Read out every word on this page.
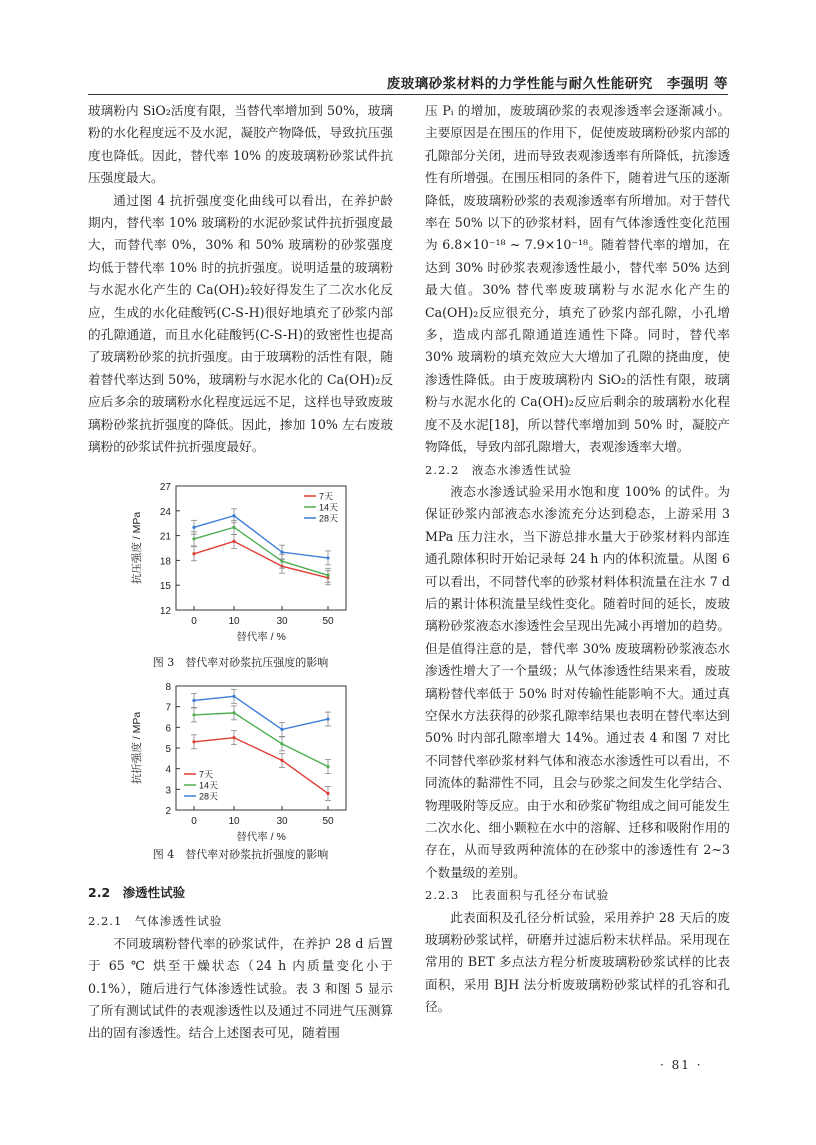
废玻璃砂浆材料的力学性能与耐久性能研究　李强明 等

玻璃粉内 SiO₂活度有限，当替代率增加到 50%，玻璃粉的水化程度远不及水泥，凝胶产物降低，导致抗压强度也降低。因此，替代率 10% 的废玻璃粉砂浆试件抗压强度最大。

通过图 4 抗折强度变化曲线可以看出，在养护龄期内，替代率 10% 玻璃粉的水泥砂浆试件抗折强度最大，而替代率 0%，30% 和 50% 玻璃粉的砂浆强度均低于替代率 10% 时的抗折强度。说明适量的玻璃粉与水泥水化产生的 Ca(OH)₂较好得发生了二次水化反应，生成的水化硅酸钙(C-S-H)很好地填充了砂浆内部的孔隙通道，而且水化硅酸钙(C-S-H)的致密性也提高了玻璃粉砂浆的抗折强度。由于玻璃粉的活性有限，随着替代率达到 50%，玻璃粉与水泥水化的 Ca(OH)₂反应后多余的玻璃粉水化程度远远不足，这样也导致废玻璃粉砂浆抗折强度的降低。因此，掺加 10% 左右废玻璃粉的砂浆试件抗折强度最好。

12
15
18
21
24
27
0	10	30	50
替代率 / %
抗压强度 / MPa
7天
14天
28天
图 3　替代率对砂浆抗压强度的影响
2
3
4
5
6
7
8
0	10	30	50
替代率 / %
抗折强度 / MPa	7天
14天
28天
图 4　替代率对砂浆抗折强度的影响

2.2　渗透性试验

2.2.1　气体渗透性试验

不同玻璃粉替代率的砂浆试件，在养护 28 d 后置于 65 ℃ 烘至干燥状态（24 h 内质量变化小于 0.1%），随后进行气体渗透性试验。表 3 和图 5 显示了所有测试试件的表观渗透性以及通过不同进气压测算出的固有渗透性。结合上述图表可见，随着围

压 Pᵢ 的增加，废玻璃砂浆的表观渗透率会逐渐减小。主要原因是在围压的作用下，促使废玻璃粉砂浆内部的孔隙部分关闭，进而导致表观渗透率有所降低，抗渗透性有所增强。在围压相同的条件下，随着进气压的逐渐降低，废玻璃粉砂浆的表观渗透率有所增加。对于替代率在 50% 以下的砂浆材料，固有气体渗透性变化范围为 6.8×10⁻¹⁸ ~ 7.9×10⁻¹⁸。随着替代率的增加，在达到 30% 时砂浆表观渗透性最小，替代率 50% 达到最大值。30% 替代率废玻璃粉与水泥水化产生的 Ca(OH)₂反应很充分，填充了砂浆内部孔隙，小孔增多，造成内部孔隙通道连通性下降。同时，替代率 30% 玻璃粉的填充效应大大增加了孔隙的挠曲度，使渗透性降低。由于废玻璃粉内 SiO₂的活性有限，玻璃粉与水泥水化的 Ca(OH)₂反应后剩余的玻璃粉水化程度不及水泥[18]，所以替代率增加到 50% 时，凝胶产物降低，导致内部孔隙增大，表观渗透率大增。

2.2.2　液态水渗透性试验

液态水渗透试验采用水饱和度 100% 的试件。为保证砂浆内部液态水渗流充分达到稳态，上游采用 3 MPa 压力注水，当下游总排水量大于砂浆材料内部连通孔隙体积时开始记录每 24 h 内的体积流量。从图 6 可以看出，不同替代率的砂浆材料体积流量在注水 7 d 后的累计体积流量呈线性变化。随着时间的延长，废玻璃粉砂浆液态水渗透性会呈现出先减小再增加的趋势。但是值得注意的是，替代率 30% 废玻璃粉砂浆液态水渗透性增大了一个量级；从气体渗透性结果来看，废玻璃粉替代率低于 50% 时对传输性能影响不大。通过真空保水方法获得的砂浆孔隙率结果也表明在替代率达到 50% 时内部孔隙率增大 14%。通过表 4 和图 7 对比不同替代率砂浆材料气体和液态水渗透性可以看出，不同流体的黏滞性不同，且会与砂浆之间发生化学结合、物理吸附等反应。由于水和砂浆矿物组成之间可能发生二次水化、细小颗粒在水中的溶解、迁移和吸附作用的存在，从而导致两种流体的在砂浆中的渗透性有 2~3 个数量级的差别。

2.2.3　比表面积与孔径分布试验

此表面积及孔径分析试验，采用养护 28 天后的废玻璃粉砂浆试样，研磨并过滤后粉末状样品。采用现在常用的 BET 多点法方程分析废玻璃粉砂浆试样的比表面积，采用 BJH 法分析废玻璃粉砂浆试样的孔容和孔径。

· 81 ·
